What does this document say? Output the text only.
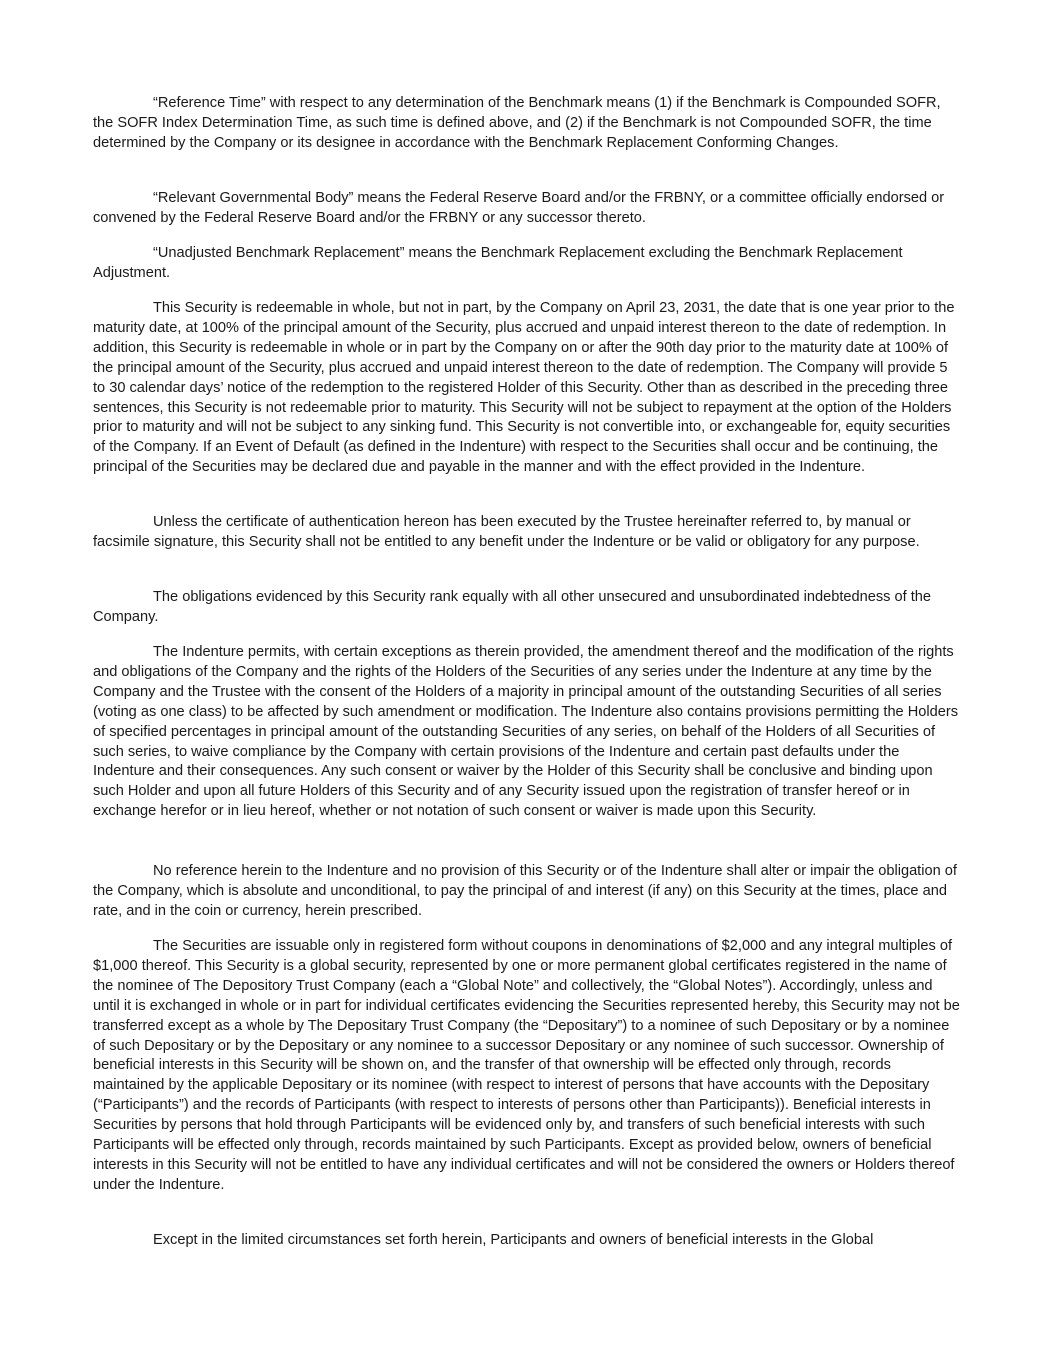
“Reference Time” with respect to any determination of the Benchmark means (1) if the Benchmark is Compounded SOFR, the SOFR Index Determination Time, as such time is defined above, and (2) if the Benchmark is not Compounded SOFR, the time determined by the Company or its designee in accordance with the Benchmark Replacement Conforming Changes.

“Relevant Governmental Body” means the Federal Reserve Board and/or the FRBNY, or a committee officially endorsed or convened by the Federal Reserve Board and/or the FRBNY or any successor thereto.

“Unadjusted Benchmark Replacement” means the Benchmark Replacement excluding the Benchmark Replacement Adjustment.

This Security is redeemable in whole, but not in part, by the Company on April 23, 2031, the date that is one year prior to the maturity date, at 100% of the principal amount of the Security, plus accrued and unpaid interest thereon to the date of redemption. In addition, this Security is redeemable in whole or in part by the Company on or after the 90th day prior to the maturity date at 100% of the principal amount of the Security, plus accrued and unpaid interest thereon to the date of redemption. The Company will provide 5 to 30 calendar days’ notice of the redemption to the registered Holder of this Security. Other than as described in the preceding three sentences, this Security is not redeemable prior to maturity. This Security will not be subject to repayment at the option of the Holders prior to maturity and will not be subject to any sinking fund. This Security is not convertible into, or exchangeable for, equity securities of the Company. If an Event of Default (as defined in the Indenture) with respect to the Securities shall occur and be continuing, the principal of the Securities may be declared due and payable in the manner and with the effect provided in the Indenture.

Unless the certificate of authentication hereon has been executed by the Trustee hereinafter referred to, by manual or facsimile signature, this Security shall not be entitled to any benefit under the Indenture or be valid or obligatory for any purpose.

The obligations evidenced by this Security rank equally with all other unsecured and unsubordinated indebtedness of the Company.

The Indenture permits, with certain exceptions as therein provided, the amendment thereof and the modification of the rights and obligations of the Company and the rights of the Holders of the Securities of any series under the Indenture at any time by the Company and the Trustee with the consent of the Holders of a majority in principal amount of the outstanding Securities of all series (voting as one class) to be affected by such amendment or modification. The Indenture also contains provisions permitting the Holders of specified percentages in principal amount of the outstanding Securities of any series, on behalf of the Holders of all Securities of such series, to waive compliance by the Company with certain provisions of the Indenture and certain past defaults under the Indenture and their consequences. Any such consent or waiver by the Holder of this Security shall be conclusive and binding upon such Holder and upon all future Holders of this Security and of any Security issued upon the registration of transfer hereof or in exchange herefor or in lieu hereof, whether or not notation of such consent or waiver is made upon this Security.

No reference herein to the Indenture and no provision of this Security or of the Indenture shall alter or impair the obligation of the Company, which is absolute and unconditional, to pay the principal of and interest (if any) on this Security at the times, place and rate, and in the coin or currency, herein prescribed.

The Securities are issuable only in registered form without coupons in denominations of $2,000 and any integral multiples of $1,000 thereof. This Security is a global security, represented by one or more permanent global certificates registered in the name of the nominee of The Depository Trust Company (each a “Global Note” and collectively, the “Global Notes”). Accordingly, unless and until it is exchanged in whole or in part for individual certificates evidencing the Securities represented hereby, this Security may not be transferred except as a whole by The Depositary Trust Company (the “Depositary”) to a nominee of such Depositary or by a nominee of such Depositary or by the Depositary or any nominee to a successor Depositary or any nominee of such successor. Ownership of beneficial interests in this Security will be shown on, and the transfer of that ownership will be effected only through, records maintained by the applicable Depositary or its nominee (with respect to interest of persons that have accounts with the Depositary (“Participants”) and the records of Participants (with respect to interests of persons other than Participants)). Beneficial interests in Securities by persons that hold through Participants will be evidenced only by, and transfers of such beneficial interests with such Participants will be effected only through, records maintained by such Participants. Except as provided below, owners of beneficial interests in this Security will not be entitled to have any individual certificates and will not be considered the owners or Holders thereof under the Indenture.

Except in the limited circumstances set forth herein, Participants and owners of beneficial interests in the Global
